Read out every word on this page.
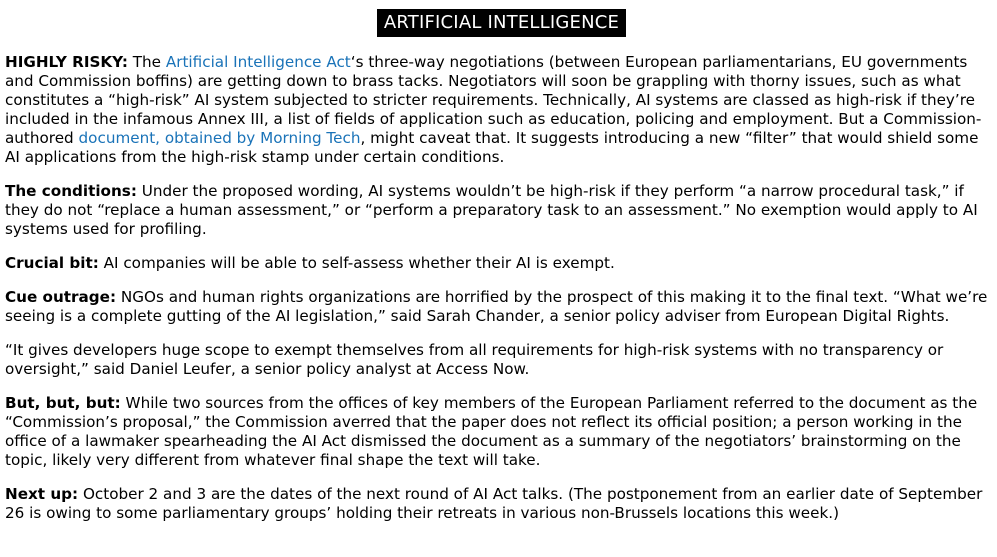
ARTIFICIAL INTELLIGENCE

HIGHLY RISKY: The Artificial Intelligence Act‘s three-way negotiations (between European parliamentarians, EU governments and Commission boffins) are getting down to brass tacks. Negotiators will soon be grappling with thorny issues, such as what constitutes a “high-risk” AI system subjected to stricter requirements. Technically, AI systems are classed as high-risk if they’re included in the infamous Annex III, a list of fields of application such as education, policing and employment. But a Commission-authored document, obtained by Morning Tech, might caveat that. It suggests introducing a new “filter” that would shield some AI applications from the high-risk stamp under certain conditions.

The conditions: Under the proposed wording, AI systems wouldn’t be high-risk if they perform “a narrow procedural task,” if they do not “replace a human assessment,” or “perform a preparatory task to an assessment.” No exemption would apply to AI systems used for profiling.

Crucial bit: AI companies will be able to self-assess whether their AI is exempt.

Cue outrage: NGOs and human rights organizations are horrified by the prospect of this making it to the final text. “What we’re seeing is a complete gutting of the AI legislation,” said Sarah Chander, a senior policy adviser from European Digital Rights.

“It gives developers huge scope to exempt themselves from all requirements for high-risk systems with no transparency or oversight,” said Daniel Leufer, a senior policy analyst at Access Now.

But, but, but: While two sources from the offices of key members of the European Parliament referred to the document as the “Commission’s proposal,” the Commission averred that the paper does not reflect its official position; a person working in the office of a lawmaker spearheading the AI Act dismissed the document as a summary of the negotiators’ brainstorming on the topic, likely very different from whatever final shape the text will take.

Next up: October 2 and 3 are the dates of the next round of AI Act talks. (The postponement from an earlier date of September 26 is owing to some parliamentary groups’ holding their retreats in various non-Brussels locations this week.)
